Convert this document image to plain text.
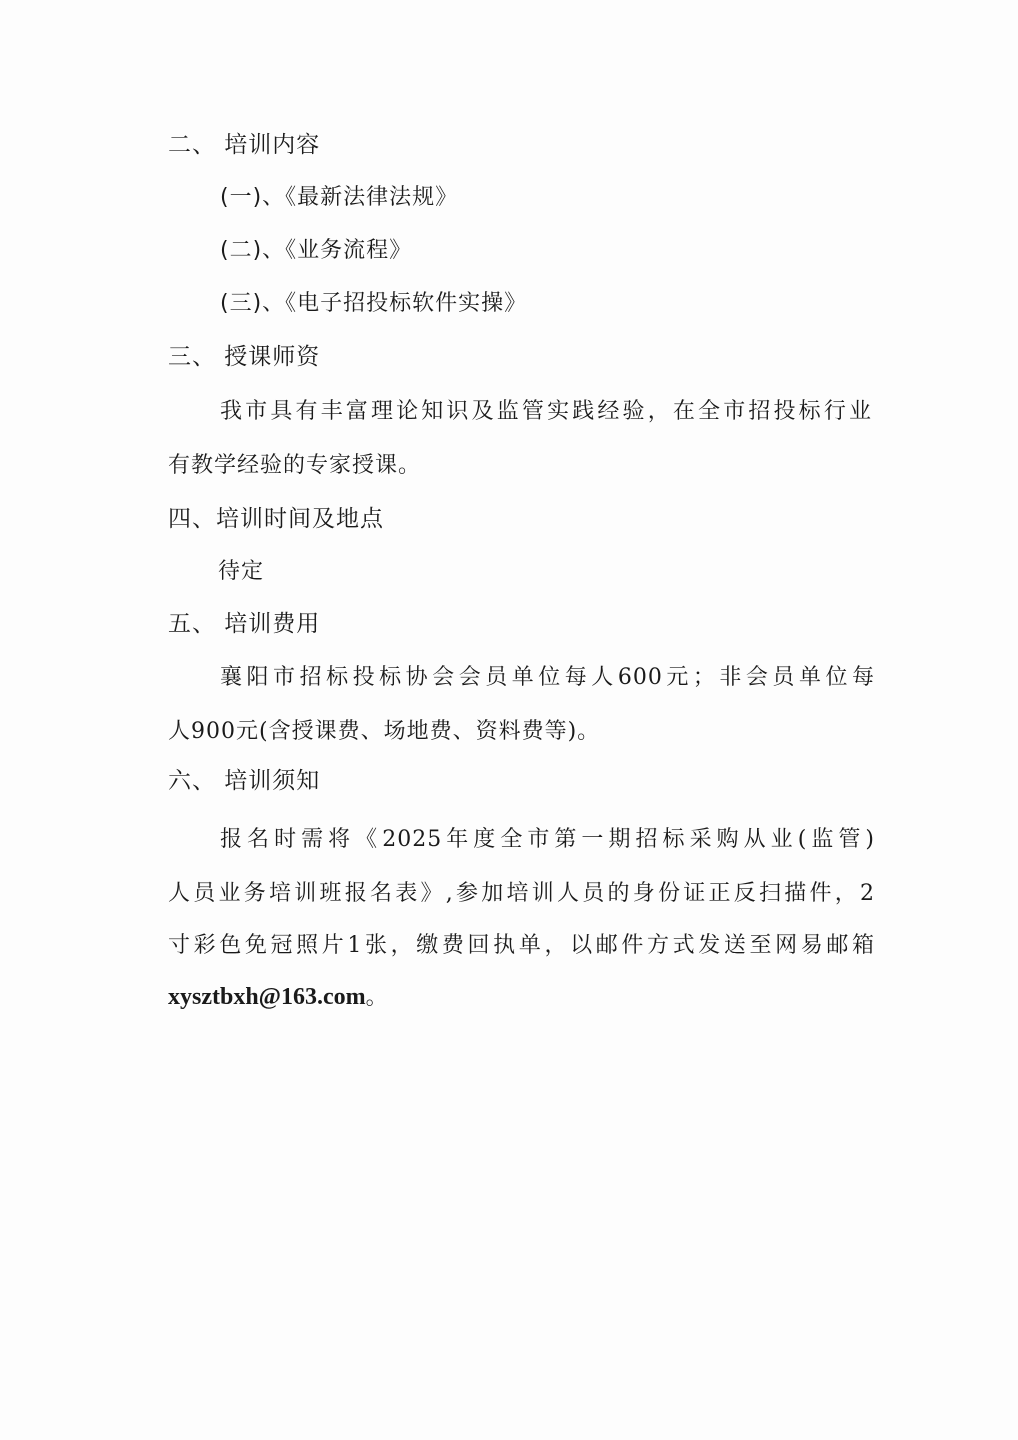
二、 培训内容
(一)、《最新法律法规》
(二)、《业务流程》
(三)、《电子招投标软件实操》
三、 授课师资
我市具有丰富理论知识及监管实践经验，在全市招投标行业
有教学经验的专家授课。
四、培训时间及地点
待定
五、 培训费用
襄阳市招标投标协会会员单位每人600元；非会员单位每
人900元(含授课费、场地费、资料费等)。
六、 培训须知
报名时需将《2025年度全市第一期招标采购从业(监管)
人员业务培训班报名表》,参加培训人员的身份证正反扫描件，2
寸彩色免冠照片1张，缴费回执单，以邮件方式发送至网易邮箱
xysztbxh@163.com。
